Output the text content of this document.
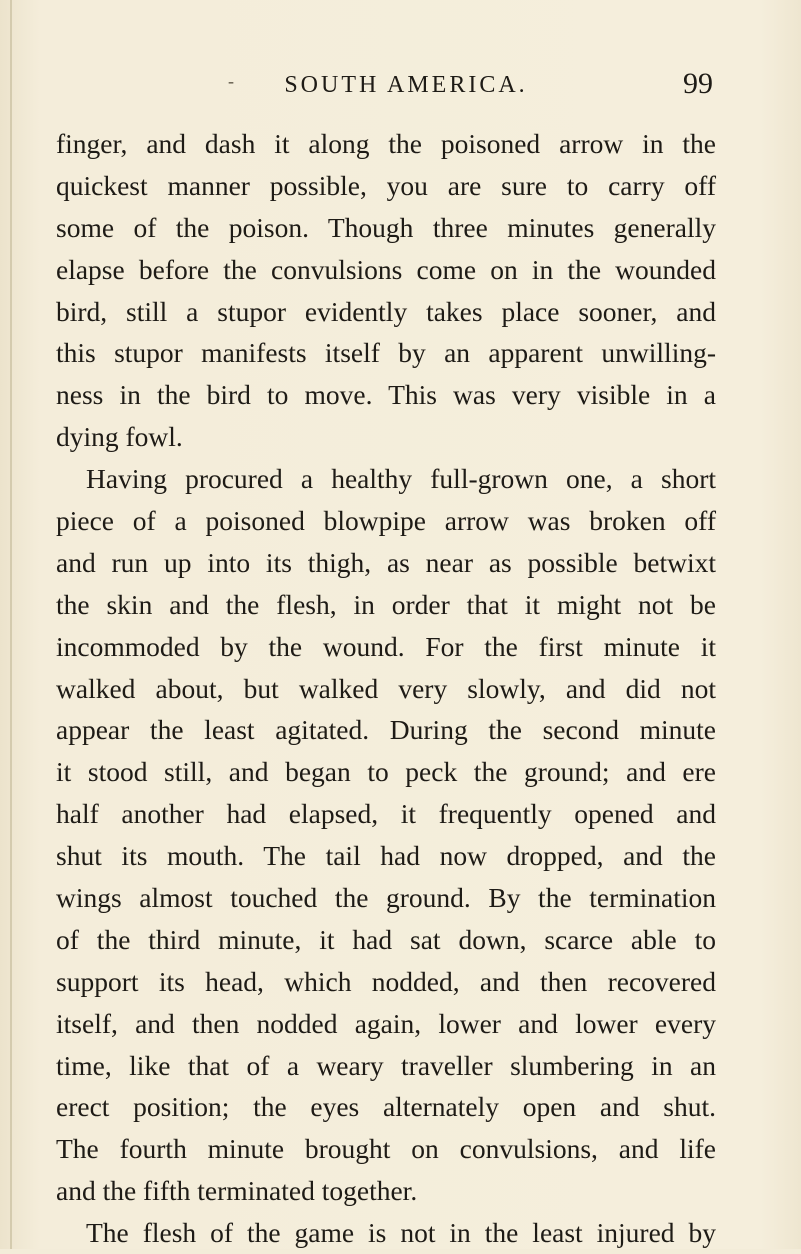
-	SOUTH AMERICA.	99
finger, and dash it along the poisoned arrow in the
quickest manner possible, you are sure to carry off
some of the poison. Though three minutes generally
elapse before the convulsions come on in the wounded
bird, still a stupor evidently takes place sooner, and
this stupor manifests itself by an apparent unwilling-
ness in the bird to move. This was very visible in a
dying fowl.
Having procured a healthy full-grown one, a short
piece of a poisoned blowpipe arrow was broken off
and run up into its thigh, as near as possible betwixt
the skin and the flesh, in order that it might not be
incommoded by the wound. For the first minute it
walked about, but walked very slowly, and did not
appear the least agitated. During the second minute
it stood still, and began to peck the ground; and ere
half another had elapsed, it frequently opened and
shut its mouth. The tail had now dropped, and the
wings almost touched the ground. By the termination
of the third minute, it had sat down, scarce able to
support its head, which nodded, and then recovered
itself, and then nodded again, lower and lower every
time, like that of a weary traveller slumbering in an
erect position; the eyes alternately open and shut.
The fourth minute brought on convulsions, and life
and the fifth terminated together.
The flesh of the game is not in the least injured by
